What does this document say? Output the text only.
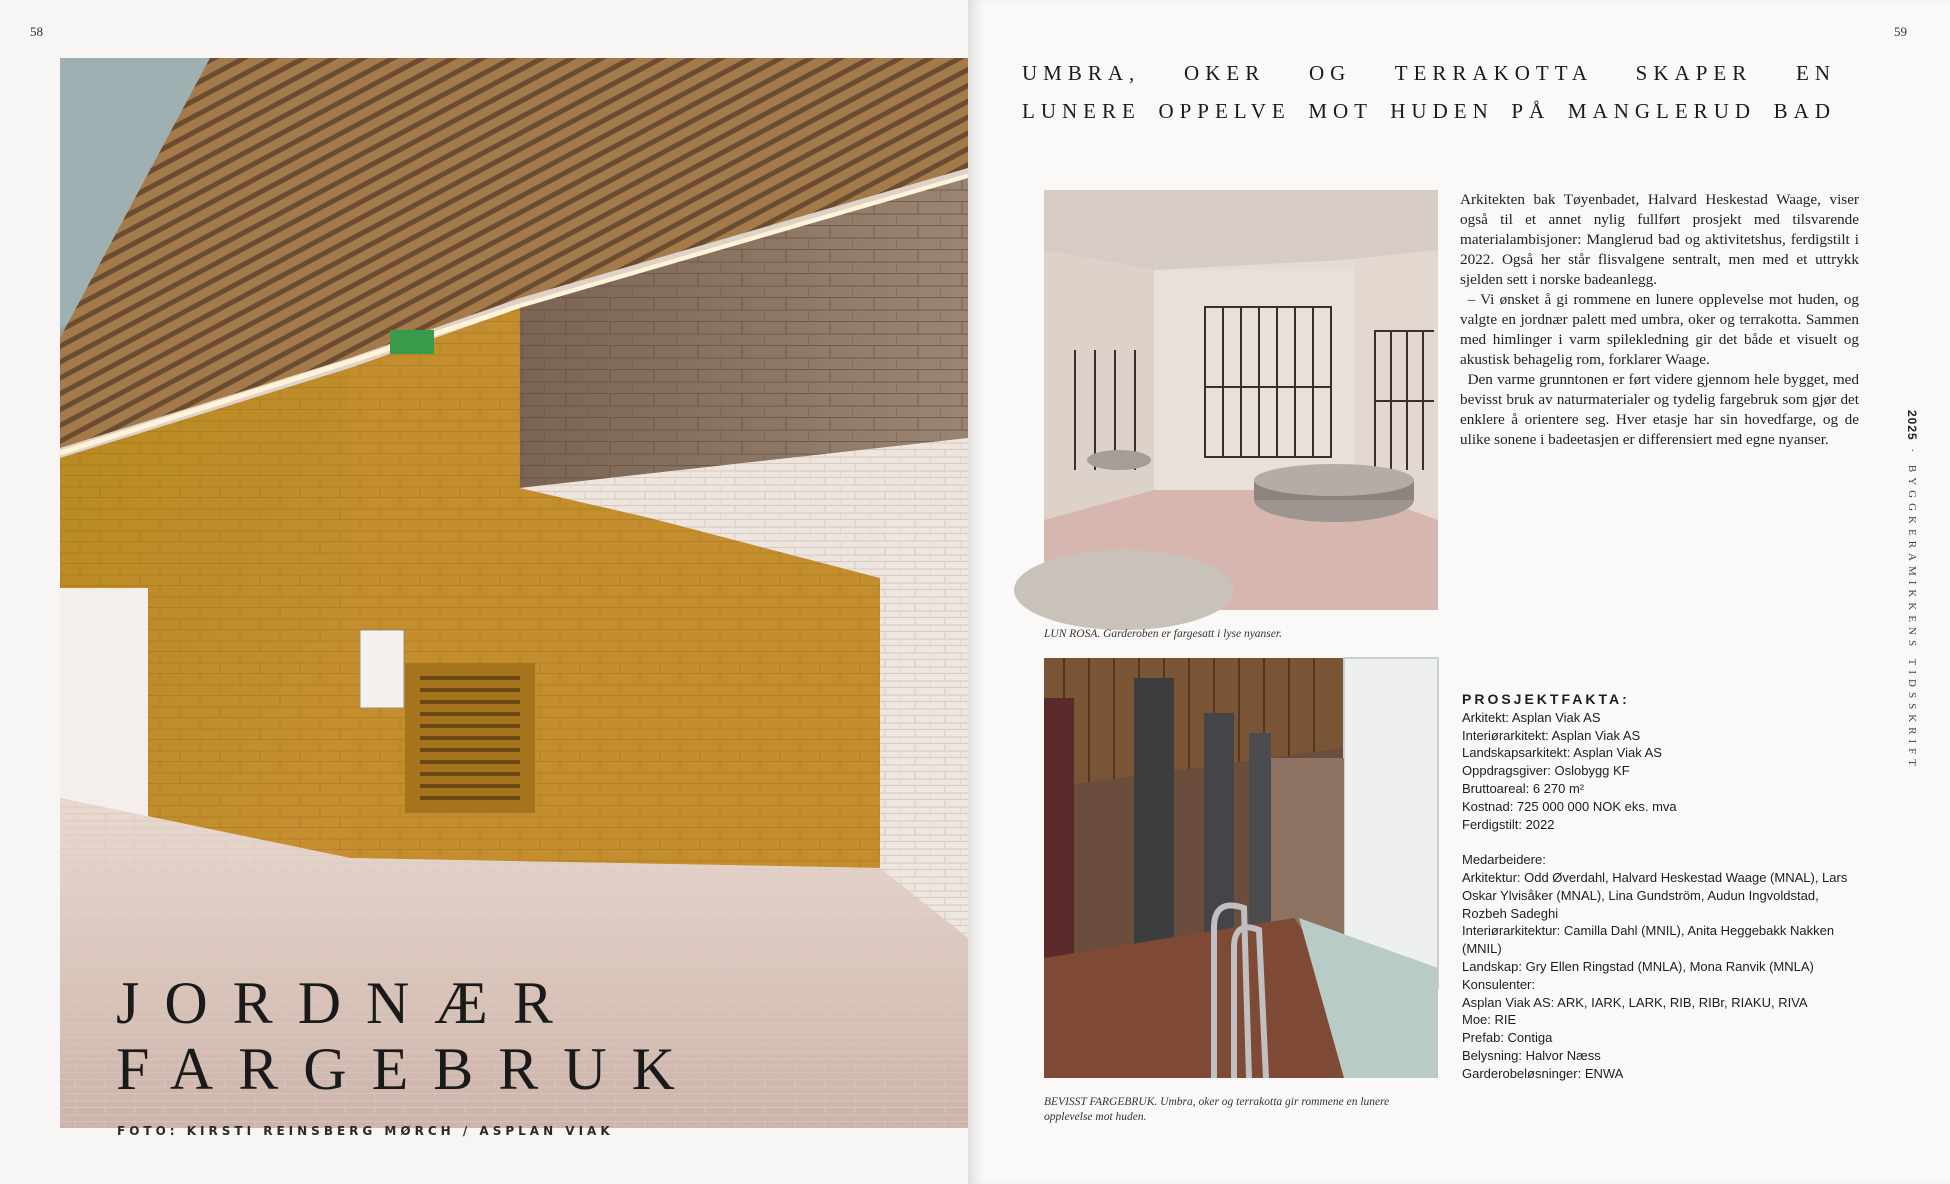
58
JORDNÆR
FARGEBRUK
FOTO: KIRSTI REINSBERG MØRCH / ASPLAN VIAK
59
UMBRA, OKER OG TERRAKOTTA SKAPER EN
LUNERE OPPELVE MOT HUDEN PÅ MANGLERUD BAD
LUN ROSA. Garderoben er fargesatt i lyse nyanser.
BEVISST FARGEBRUK. Umbra, oker og terrakotta gir rommene en lunere opplevelse mot huden.

Arkitekten bak Tøyenbadet, Halvard Heskestad Waage, viser også til et annet nylig fullført prosjekt med tilsvarende materialambisjoner: Manglerud bad og aktivitetshus, ferdigstilt i 2022. Også her står flisvalgene sentralt, men med et uttrykk sjelden sett i norske badeanlegg.

– Vi ønsket å gi rommene en lunere opplevelse mot huden, og valgte en jordnær palett med umbra, oker og terrakotta. Sammen med himlinger i varm spilekledning gir det både et visuelt og akustisk behagelig rom, forklarer Waage.

Den varme grunntonen er ført videre gjennom hele bygget, med bevisst bruk av naturmaterialer og tydelig fargebruk som gjør det enklere å orientere seg. Hver etasje har sin hovedfarge, og de ulike sonene i badeetasjen er differensiert med egne nyanser.

PROSJEKTFAKTA:
Arkitekt: Asplan Viak AS
Interiørarkitekt: Asplan Viak AS
Landskapsarkitekt: Asplan Viak AS
Oppdragsgiver: Oslobygg KF
Bruttoareal: 6 270 m²
Kostnad: 725 000 000 NOK eks. mva
Ferdigstilt: 2022
Medarbeidere:
Arkitektur: Odd Øverdahl, Halvard Heskestad Waage (MNAL), Lars Oskar Ylvisåker (MNAL), Lina Gundström, Audun Ingvoldstad, Rozbeh Sadeghi
Interiørarkitektur: Camilla Dahl (MNIL), Anita Heggebakk Nakken (MNIL)
Landskap: Gry Ellen Ringstad (MNLA), Mona Ranvik (MNLA)
Konsulenter:
Asplan Viak AS: ARK, IARK, LARK, RIB, RIBr, RIAKU, RIVA
Moe: RIE
Prefab: Contiga
Belysning: Halvor Næss
Garderobeløsninger: ENWA
2025 · BYGGKERAMIKKENS TIDSSKRIFT
